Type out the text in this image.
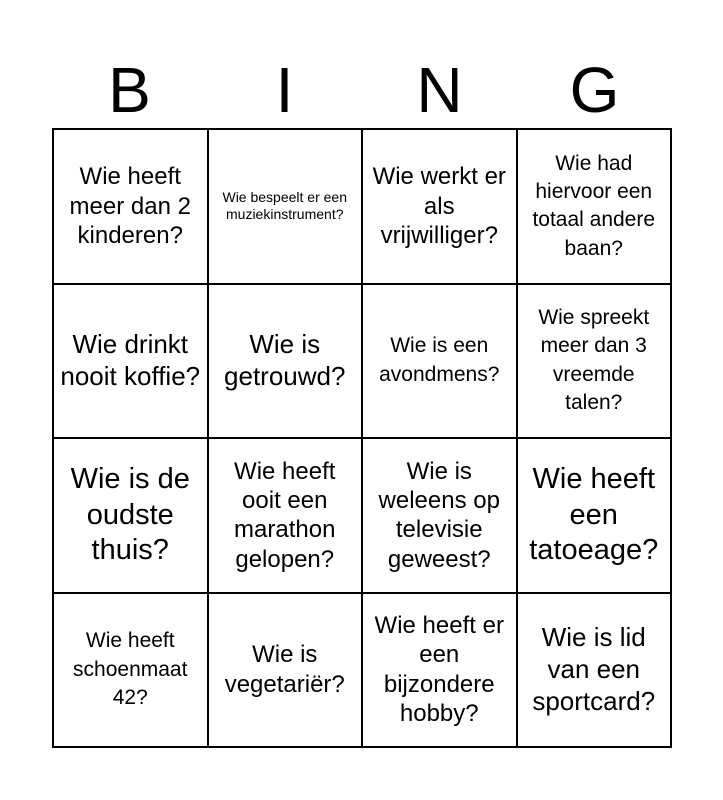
B	I	N	G
Wie heeft meer dan 2 kinderen?
Wie bespeelt er een muziekinstrument?
Wie werkt er als vrijwilliger?
Wie had hiervoor een totaal andere baan?
Wie drinkt nooit koffie?
Wie is getrouwd?
Wie is een avondmens?
Wie spreekt meer dan 3 vreemde talen?
Wie is de oudste thuis?
Wie heeft ooit een marathon gelopen?
Wie is weleens op televisie geweest?
Wie heeft een tatoeage?
Wie heeft schoenmaat 42?
Wie is vegetariër?
Wie heeft er een bijzondere hobby?
Wie is lid van een sportcard?
